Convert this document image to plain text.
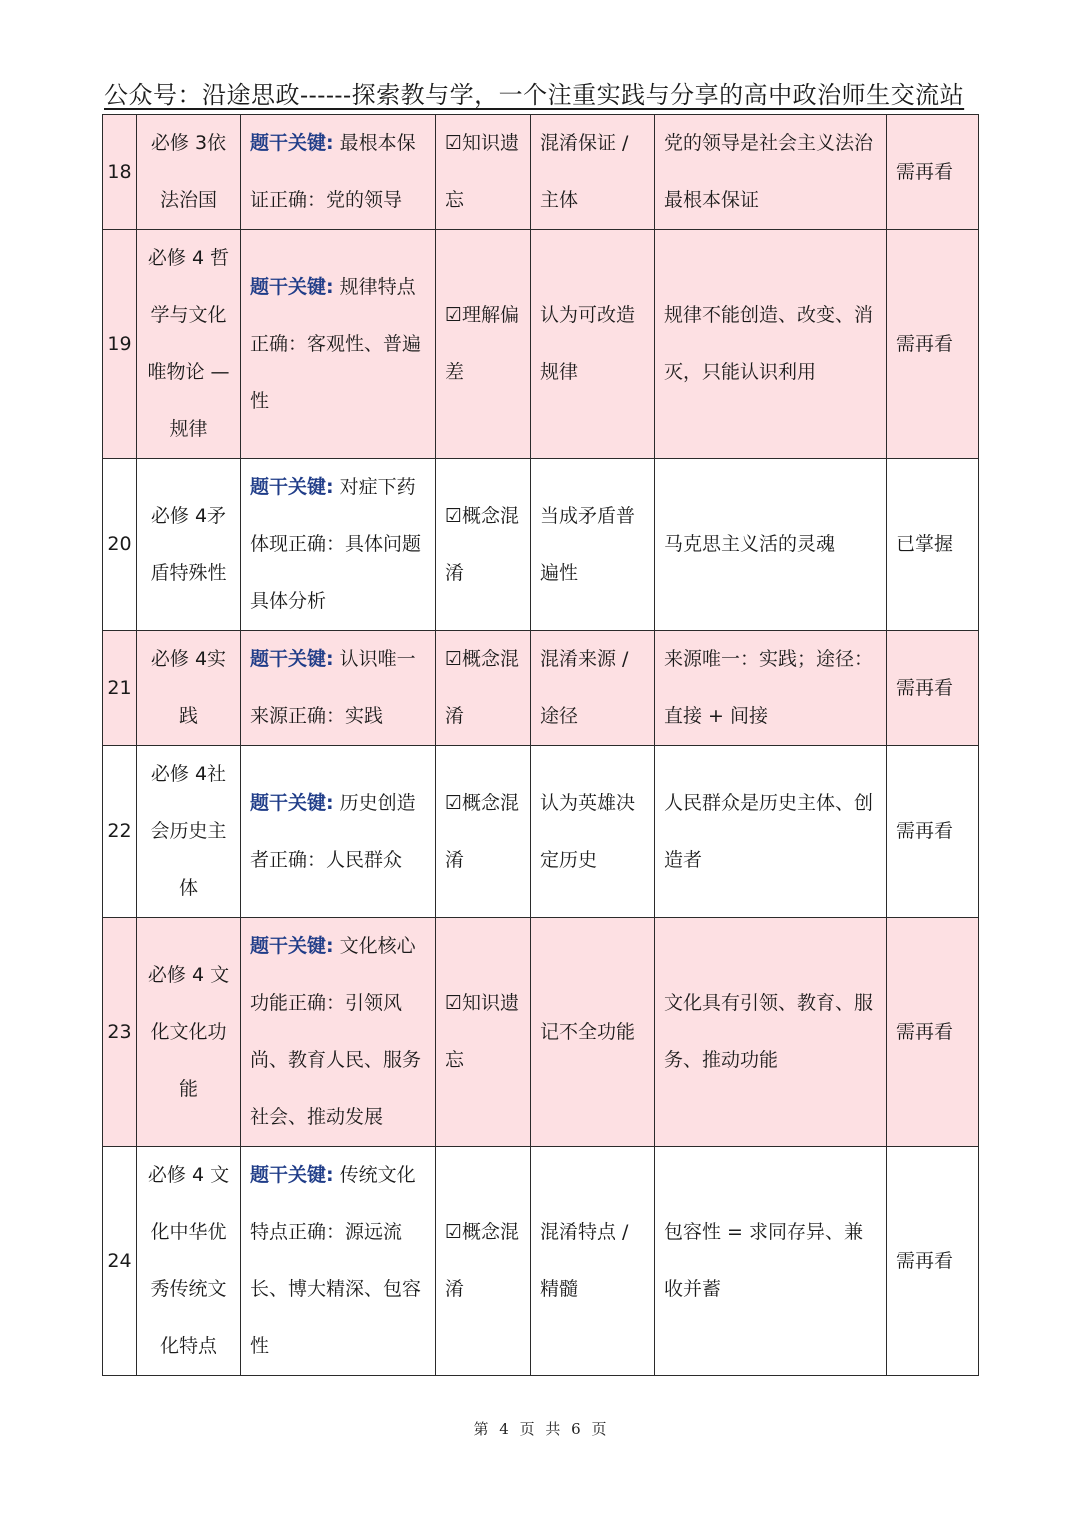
公众号：沿途思政------探索教与学，一个注重实践与分享的高中政治师生交流站
18	必修 3依法治国	题干关键: 最根本保证正确：党的领导	☑知识遗忘	混淆保证 / 主体	党的领导是社会主义法治最根本保证	需再看
19	必修 4 哲学与文化唯物论 — 规律	题干关键: 规律特点正确：客观性、普遍性	☑理解偏差	认为可改造规律	规律不能创造、改变、消灭，只能认识利用	需再看
20	必修 4矛盾特殊性	题干关键: 对症下药体现正确：具体问题具体分析	☑概念混淆	当成矛盾普遍性	马克思主义活的灵魂	已掌握
21	必修 4实践	题干关键: 认识唯一来源正确：实践	☑概念混淆	混淆来源 / 途径	来源唯一：实践；途径：直接 + 间接	需再看
22	必修 4社会历史主体	题干关键: 历史创造者正确：人民群众	☑概念混淆	认为英雄决定历史	人民群众是历史主体、创造者	需再看
23	必修 4 文化文化功能	题干关键: 文化核心功能正确：引领风尚、教育人民、服务社会、推动发展	☑知识遗忘	记不全功能	文化具有引领、教育、服务、推动功能	需再看
24	必修 4 文化中华优秀传统文化特点	题干关键: 传统文化特点正确：源远流长、博大精深、包容性	☑概念混淆	混淆特点 / 精髓	包容性 = 求同存异、兼收并蓄	需再看
第 4 页 共 6 页
